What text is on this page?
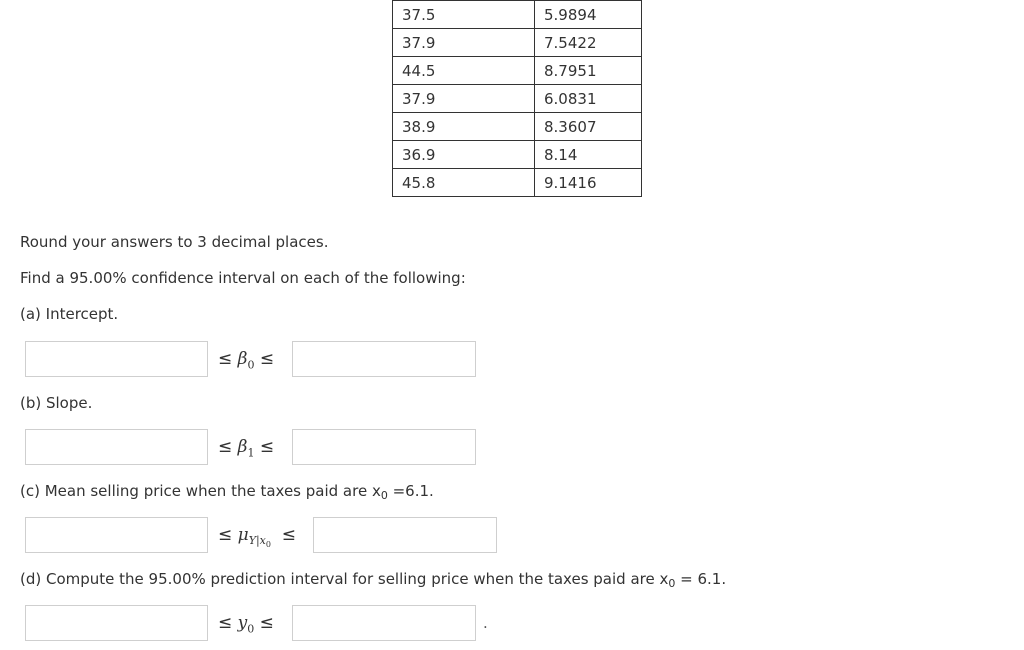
37.5	5.9894
37.9	7.5422
44.5	8.7951
37.9	6.0831
38.9	8.3607
36.9	8.14
45.8	9.1416

Round your answers to 3 decimal places.

Find a 95.00% confidence interval on each of the following:

(a) Intercept.

≤ $\beta_0$ ≤

(b) Slope.

≤ $\beta_1$ ≤

(c) Mean selling price when the taxes paid are $x_0 =6.1$.

≤ $\mu_{Y|x_0}$  ≤

(d) Compute the 95.00% prediction interval for selling price when the taxes paid are $x_0 = 6.1$.

≤ $y_0$ ≤	.
